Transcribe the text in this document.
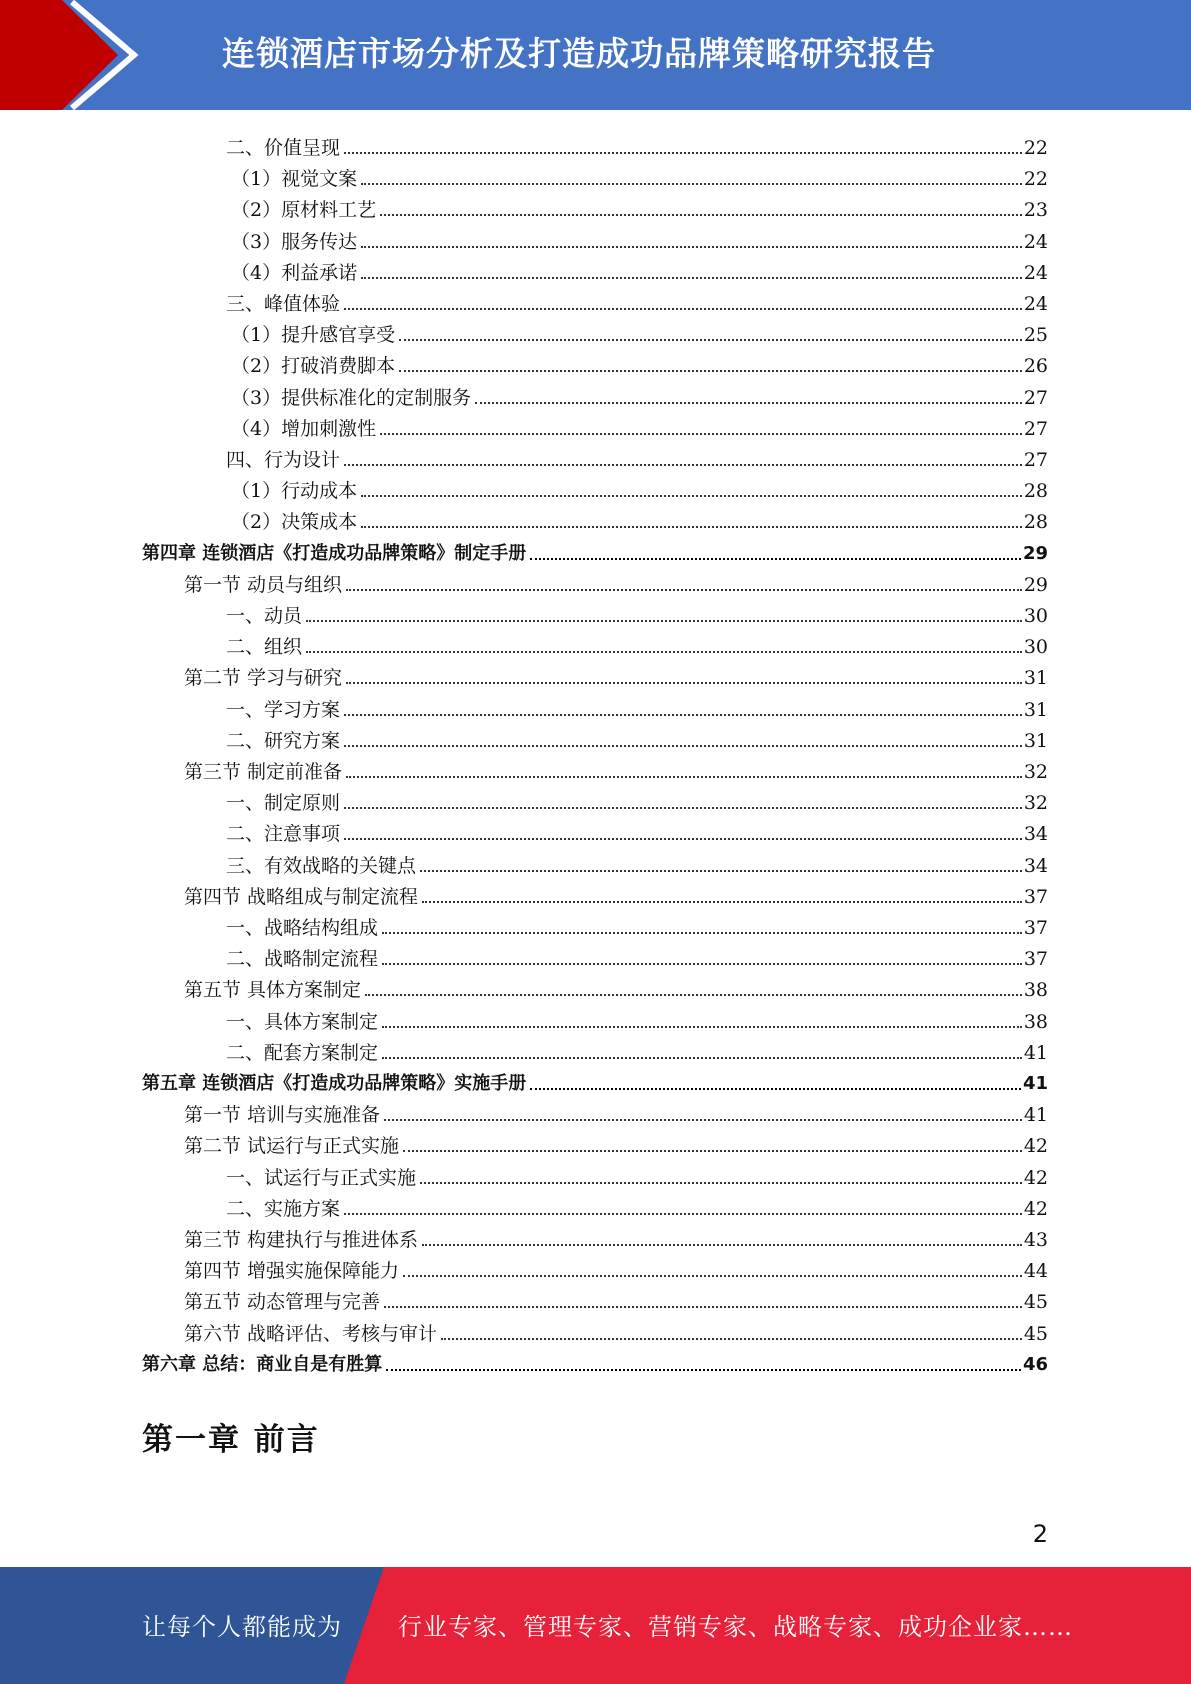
连锁酒店市场分析及打造成功品牌策略研究报告
二、价值呈现	22
（1）视觉文案	22
（2）原材料工艺	23
（3）服务传达	24
（4）利益承诺	24
三、峰值体验	24
（1）提升感官享受	25
（2）打破消费脚本	26
（3）提供标准化的定制服务	27
（4）增加刺激性	27
四、行为设计	27
（1）行动成本	28
（2）决策成本	28
第四章 连锁酒店《打造成功品牌策略》制定手册	29
第一节 动员与组织	29
一、动员	30
二、组织	30
第二节 学习与研究	31
一、学习方案	31
二、研究方案	31
第三节 制定前准备	32
一、制定原则	32
二、注意事项	34
三、有效战略的关键点	34
第四节 战略组成与制定流程	37
一、战略结构组成	37
二、战略制定流程	37
第五节 具体方案制定	38
一、具体方案制定	38
二、配套方案制定	41
第五章 连锁酒店《打造成功品牌策略》实施手册	41
第一节 培训与实施准备	41
第二节 试运行与正式实施	42
一、试运行与正式实施	42
二、实施方案	42
第三节 构建执行与推进体系	43
第四节 增强实施保障能力	44
第五节 动态管理与完善	45
第六节 战略评估、考核与审计	45
第六章 总结：商业自是有胜算	46
第一章 前言
2
让每个人都能成为 行业专家、管理专家、营销专家、战略专家、成功企业家……
